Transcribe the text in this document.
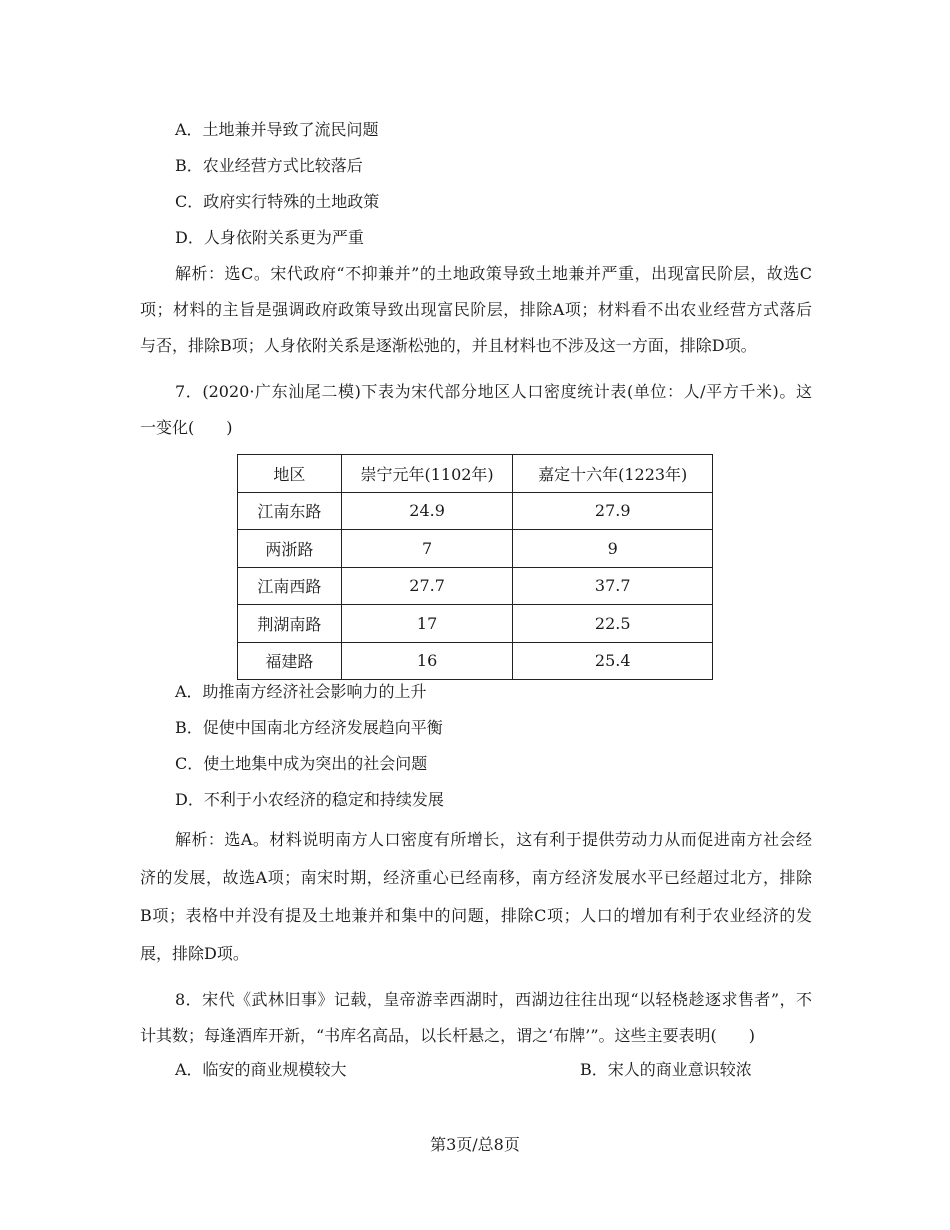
A．土地兼并导致了流民问题
B．农业经营方式比较落后
C．政府实行特殊的土地政策
D．人身依附关系更为严重
解析：选C。宋代政府“不抑兼并”的土地政策导致土地兼并严重，出现富民阶层，故选C
项；材料的主旨是强调政府政策导致出现富民阶层，排除A项；材料看不出农业经营方式落后
与否，排除B项；人身依附关系是逐渐松弛的，并且材料也不涉及这一方面，排除D项。
7．(2020·广东汕尾二模)下表为宋代部分地区人口密度统计表(单位：人/平方千米)。这
一变化(　　)
地区	崇宁元年(1102年)	嘉定十六年(1223年)
江南东路	24.9	27.9
两浙路	7	9
江南西路	27.7	37.7
荆湖南路	17	22.5
福建路	16	25.4
A．助推南方经济社会影响力的上升
B．促使中国南北方经济发展趋向平衡
C．使土地集中成为突出的社会问题
D．不利于小农经济的稳定和持续发展
解析：选A。材料说明南方人口密度有所增长，这有利于提供劳动力从而促进南方社会经
济的发展，故选A项；南宋时期，经济重心已经南移，南方经济发展水平已经超过北方，排除
B项；表格中并没有提及土地兼并和集中的问题，排除C项；人口的增加有利于农业经济的发
展，排除D项。
8．宋代《武林旧事》记载，皇帝游幸西湖时，西湖边往往出现“以轻桡趁逐求售者”，不
计其数；每逢酒库开新，“书库名高品，以长杆悬之，谓之‘布牌’”。这些主要表明(　　)
A．临安的商业规模较大	B．宋人的商业意识较浓
第3页/总8页
